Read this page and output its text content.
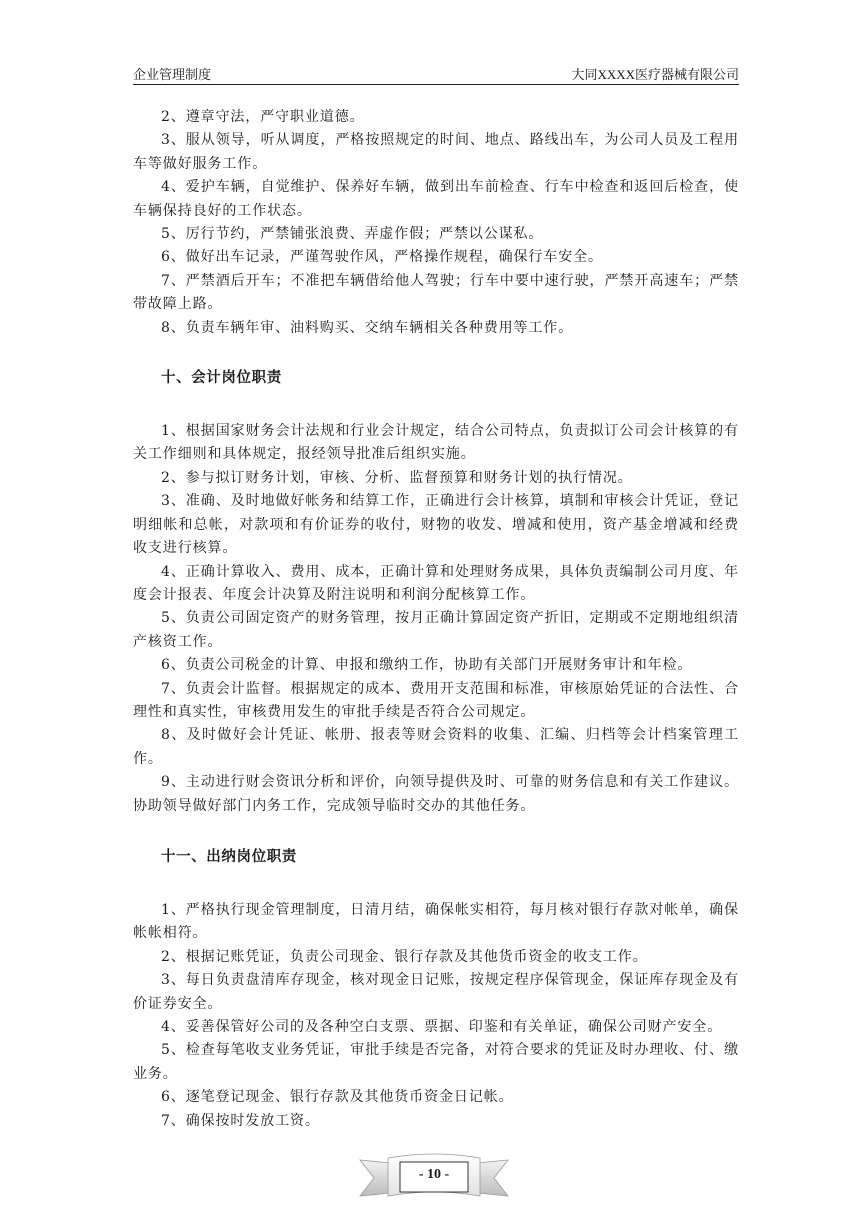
企业管理制度	大同XXXX医疗器械有限公司

2、遵章守法，严守职业道德。

3、服从领导，听从调度，严格按照规定的时间、地点、路线出车，为公司人员及工程用车等做好服务工作。

4、爱护车辆，自觉维护、保养好车辆，做到出车前检查、行车中检查和返回后检查，使车辆保持良好的工作状态。

5、厉行节约，严禁铺张浪费、弄虚作假；严禁以公谋私。

6、做好出车记录，严谨驾驶作风，严格操作规程，确保行车安全。

7、严禁酒后开车；不准把车辆借给他人驾驶；行车中要中速行驶，严禁开高速车；严禁带故障上路。

8、负责车辆年审、油料购买、交纳车辆相关各种费用等工作。

十、会计岗位职责

1、根据国家财务会计法规和行业会计规定，结合公司特点，负责拟订公司会计核算的有关工作细则和具体规定，报经领导批准后组织实施。

2、参与拟订财务计划，审核、分析、监督预算和财务计划的执行情况。

3、准确、及时地做好帐务和结算工作，正确进行会计核算，填制和审核会计凭证，登记明细帐和总帐，对款项和有价证券的收付，财物的收发、增减和使用，资产基金增减和经费收支进行核算。

4、正确计算收入、费用、成本，正确计算和处理财务成果，具体负责编制公司月度、年度会计报表、年度会计决算及附注说明和利润分配核算工作。

5、负责公司固定资产的财务管理，按月正确计算固定资产折旧，定期或不定期地组织清产核资工作。

6、负责公司税金的计算、申报和缴纳工作，协助有关部门开展财务审计和年检。

7、负责会计监督。根据规定的成本、费用开支范围和标准，审核原始凭证的合法性、合理性和真实性，审核费用发生的审批手续是否符合公司规定。

8、及时做好会计凭证、帐册、报表等财会资料的收集、汇编、归档等会计档案管理工作。

9、主动进行财会资讯分析和评价，向领导提供及时、可靠的财务信息和有关工作建议。协助领导做好部门内务工作，完成领导临时交办的其他任务。

十一、出纳岗位职责

1、严格执行现金管理制度，日清月结，确保帐实相符，每月核对银行存款对帐单，确保帐帐相符。

2、根据记账凭证，负责公司现金、银行存款及其他货币资金的收支工作。

3、每日负责盘清库存现金，核对现金日记账，按规定程序保管现金，保证库存现金及有价证券安全。

4、妥善保管好公司的及各种空白支票、票据、印鉴和有关单证，确保公司财产安全。

5、检查每笔收支业务凭证，审批手续是否完备，对符合要求的凭证及时办理收、付、缴业务。

6、逐笔登记现金、银行存款及其他货币资金日记帐。

7、确保按时发放工资。

- 10 -
